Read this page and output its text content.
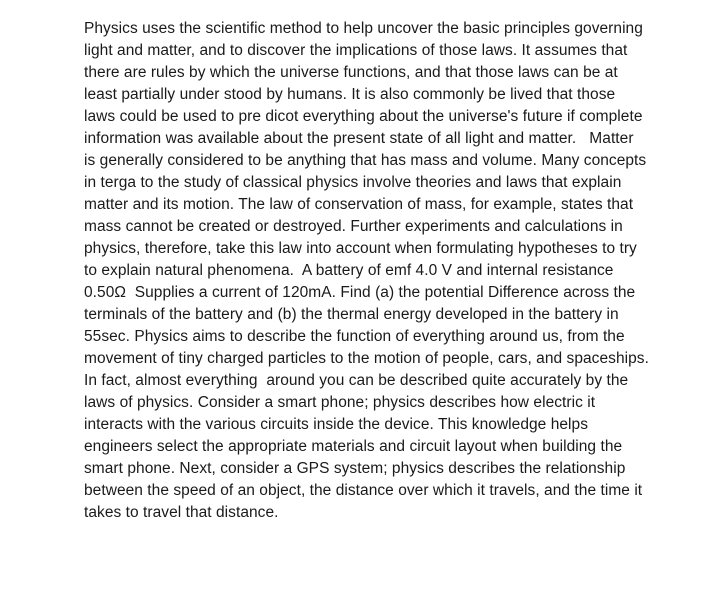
Physics uses the scientific method to help uncover the basic principles governing
light and matter, and to discover the implications of those laws. It assumes that
there are rules by which the universe functions, and that those laws can be at
least partially under stood by humans. It is also commonly be lived that those
laws could be used to pre dicot everything about the universe's future if complete
information was available about the present state of all light and matter.   Matter
is generally considered to be anything that has mass and volume. Many concepts
in terga to the study of classical physics involve theories and laws that explain
matter and its motion. The law of conservation of mass, for example, states that
mass cannot be created or destroyed. Further experiments and calculations in
physics, therefore, take this law into account when formulating hypotheses to try
to explain natural phenomena.  A battery of emf 4.0 V and internal resistance
0.50Ω  Supplies a current of 120mA. Find (a) the potential Difference across the
terminals of the battery and (b) the thermal energy developed in the battery in
55sec. Physics aims to describe the function of everything around us, from the
movement of tiny charged particles to the motion of people, cars, and spaceships.
In fact, almost everything  around you can be described quite accurately by the
laws of physics. Consider a smart phone; physics describes how electric it
interacts with the various circuits inside the device. This knowledge helps
engineers select the appropriate materials and circuit layout when building the
smart phone. Next, consider a GPS system; physics describes the relationship
between the speed of an object, the distance over which it travels, and the time it
takes to travel that distance.
